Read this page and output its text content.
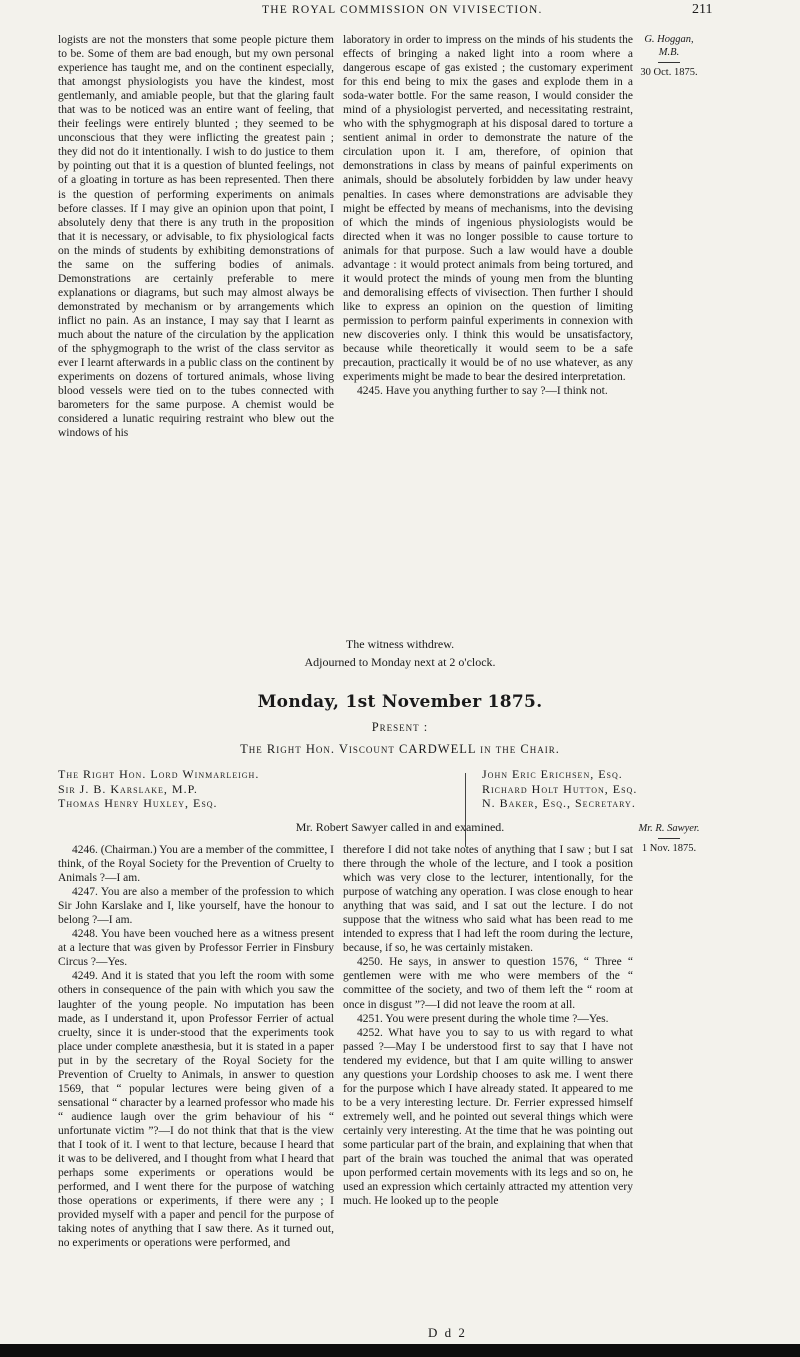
THE ROYAL COMMISSION ON VIVISECTION.	211

logists are not the monsters that some people picture them to be. Some of them are bad enough, but my own personal experience has taught me, and on the continent especially, that amongst physiologists you have the kindest, most gentlemanly, and amiable people, but that the glaring fault that was to be noticed was an entire want of feeling, that their feelings were entirely blunted ; they seemed to be unconscious that they were inflicting the greatest pain ; they did not do it intentionally. I wish to do justice to them by pointing out that it is a question of blunted feelings, not of a gloating in torture as has been represented. Then there is the question of performing experiments on animals before classes. If I may give an opinion upon that point, I absolutely deny that there is any truth in the proposition that it is necessary, or advisable, to fix physiological facts on the minds of students by exhibiting demonstrations of the same on the suffering bodies of animals. Demonstrations are certainly preferable to mere explanations or diagrams, but such may almost always be demonstrated by mechanism or by arrangements which inflict no pain. As an instance, I may say that I learnt as much about the nature of the circulation by the application of the sphygmograph to the wrist of the class servitor as ever I learnt afterwards in a public class on the continent by experiments on dozens of tortured animals, whose living blood vessels were tied on to the tubes connected with barometers for the same purpose. A chemist would be considered a lunatic requiring restraint who blew out the windows of his

laboratory in order to impress on the minds of his students the effects of bringing a naked light into a room where a dangerous escape of gas existed ; the customary experiment for this end being to mix the gases and explode them in a soda-water bottle. For the same reason, I would consider the mind of a physiologist perverted, and necessitating restraint, who with the sphygmograph at his disposal dared to torture a sentient animal in order to demonstrate the nature of the circulation upon it. I am, therefore, of opinion that demonstrations in class by means of painful experiments on animals, should be absolutely forbidden by law under heavy penalties. In cases where demonstrations are advisable they might be effected by means of mechanisms, into the devising of which the minds of ingenious physiologists would be directed when it was no longer possible to cause torture to animals for that purpose. Such a law would have a double advantage : it would protect animals from being tortured, and it would protect the minds of young men from the blunting and demoralising effects of vivisection. Then further I should like to express an opinion on the question of limiting permission to perform painful experiments in connexion with new discoveries only. I think this would be unsatisfactory, because while theoretically it would seem to be a safe precaution, practically it would be of no use whatever, as any experiments might be made to bear the desired interpretation.

4245. Have you anything further to say ?—I think not.

G. Hoggan, M.B.
30 Oct. 1875.
The witness withdrew.
Adjourned to Monday next at 2 o'clock.
Monday, 1st November 1875.
Present :
The Right Hon. Viscount CARDWELL in the Chair.
The Right Hon. Lord Winmarleigh.
Sir J. B. Karslake, M.P.
Thomas Henry Huxley, Esq.
John Eric Erichsen, Esq.
Richard Holt Hutton, Esq.
N. Baker, Esq., Secretary.
Mr. Robert Sawyer called in and examined.

4246. (Chairman.) You are a member of the committee, I think, of the Royal Society for the Prevention of Cruelty to Animals ?—I am.

4247. You are also a member of the profession to which Sir John Karslake and I, like yourself, have the honour to belong ?—I am.

4248. You have been vouched here as a witness present at a lecture that was given by Professor Ferrier in Finsbury Circus ?—Yes.

4249. And it is stated that you left the room with some others in consequence of the pain with which you saw the laughter of the young people. No imputation has been made, as I understand it, upon Professor Ferrier of actual cruelty, since it is under-stood that the experiments took place under complete anæsthesia, but it is stated in a paper put in by the secretary of the Royal Society for the Prevention of Cruelty to Animals, in answer to question 1569, that “ popular lectures were being given of a sensational “ character by a learned professor who made his “ audience laugh over the grim behaviour of his “ unfortunate victim ”?—I do not think that that is the view that I took of it. I went to that lecture, because I heard that it was to be delivered, and I thought from what I heard that perhaps some experiments or operations would be performed, and I went there for the purpose of watching those operations or experiments, if there were any ; I provided myself with a paper and pencil for the purpose of taking notes of anything that I saw there. As it turned out, no experiments or operations were performed, and

therefore I did not take notes of anything that I saw ; but I sat there through the whole of the lecture, and I took a position which was very close to the lecturer, intentionally, for the purpose of watching any operation. I was close enough to hear anything that was said, and I sat out the lecture. I do not suppose that the witness who said what has been read to me intended to express that I had left the room during the lecture, because, if so, he was certainly mistaken.

4250. He says, in answer to question 1576, “ Three “ gentlemen were with me who were members of the “ committee of the society, and two of them left the “ room at once in disgust ”?—I did not leave the room at all.

4251. You were present during the whole time ?—Yes.

4252. What have you to say to us with regard to what passed ?—May I be understood first to say that I have not tendered my evidence, but that I am quite willing to answer any questions your Lordship chooses to ask me. I went there for the purpose which I have already stated. It appeared to me to be a very interesting lecture. Dr. Ferrier expressed himself extremely well, and he pointed out several things which were certainly very interesting. At the time that he was pointing out some particular part of the brain, and explaining that when that part of the brain was touched the animal that was operated upon performed certain movements with its legs and so on, he used an expression which certainly attracted my attention very much. He looked up to the people

Mr. R. Sawyer.
1 Nov. 1875.
D d 2
